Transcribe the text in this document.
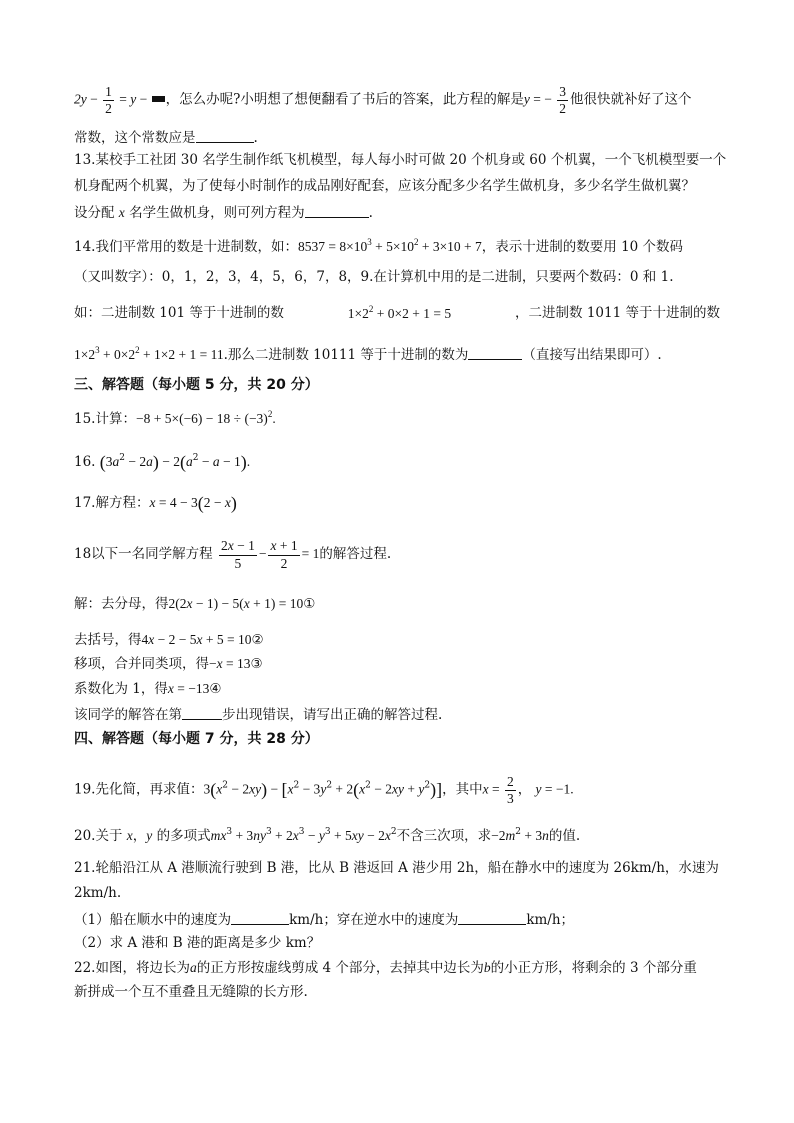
$2y - \frac{1}{2} = y$ − ，怎么办呢?小明想了想便翻看了书后的答案，此方程的解是y = − $\frac{3}{2}$ 他很快就补好了这个
常数，这个常数应是	.
13.某校手工社团 30 名学生制作纸飞机模型，每人每小时可做 20 个机身或 60 个机翼，一个飞机模型要一个
机身配两个机翼，为了使每小时制作的成品刚好配套，应该分配多少名学生做机身，多少名学生做机翼？
设分配 x 名学生做机身，则可列方程为	.
14.我们平常用的数是十进制数，如：$8537 = 8\times 10^3 + 5\times 10^2 + 3\times 10 + 7$，表示十进制的数要用 10 个数码
（又叫数字）：0，1，2，3，4，5，6，7，8，9.在计算机中用的是二进制，只要两个数码：0 和 1.
如：二进制数 101 等于十进制的数	$1\times 2^2 + 0\times 2 + 1 = 5$	，二进制数 1011 等于十进制的数
$1\times 2^3 + 0\times 2^2 + 1\times 2 + 1 = 11$.那么二进制数 10111 等于十进制的数为	（直接写出结果即可）.
三、解答题（每小题 5 分，共 20 分）
15.计算：$-8 + 5\times(-6) - 18 \div (-3)^2$.
16. $(3a^2 - 2a) - 2(a^2 - a - 1)$.
17.解方程：x = 4 − 3(2 − x)
18以下一名同学解方程 $\frac{2x - 1}{5} - \frac{x + 1}{2} = 1$的解答过程.
解：去分母，得2(2x − 1) − 5(x + 1) = 10①
去括号，得4x − 2 − 5x + 5 = 10②
移项，合并同类项，得−x = 13③
系数化为 1，得x = −13④
该同学的解答在第	步出现错误，请写出正确的解答过程.
四、解答题（每小题 7 分，共 28 分）
19.先化简，再求值：$3(x^2 - 2xy) - [x^2 - 3y^2 + 2(x^2 - 2xy + y^2)]$，其中$x = \frac{2}{3}$ ， y = −1.
20.关于 x，y 的多项式$mx^3 + 3ny^3 + 2x^3 - y^3 + 5xy - 2x^2$不含三次项，求$-2m^2 + 3n$的值.
21.轮船沿江从 A 港顺流行驶到 B 港，比从 B 港返回 A 港少用 2h，船在静水中的速度为 26km/h，水速为
2km/h.
（1）船在顺水中的速度为	km/h；穿在逆水中的速度为	km/h；
（2）求 A 港和 B 港的距离是多少 km？
22.如图，将边长为a的正方形按虚线剪成 4 个部分，去掉其中边长为b的小正方形，将剩余的 3 个部分重
新拼成一个互不重叠且无缝隙的长方形.
